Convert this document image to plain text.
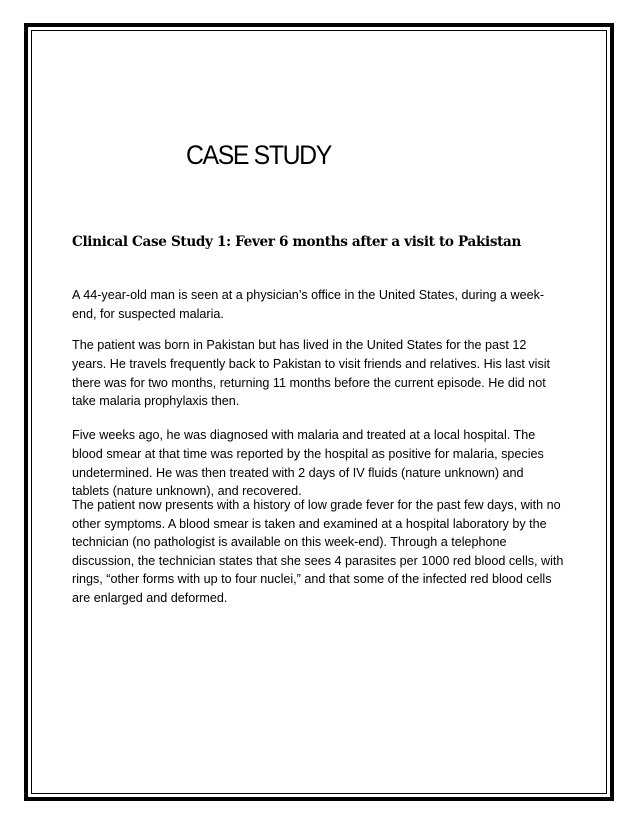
CASE STUDY
Clinical Case Study 1: Fever 6 months after a visit to Pakistan

A 44-year-old man is seen at a physician’s office in the United States, during a week-end, for suspected malaria.

The patient was born in Pakistan but has lived in the United States for the past 12 years. He travels frequently back to Pakistan to visit friends and relatives. His last visit there was for two months, returning 11 months before the current episode. He did not take malaria prophylaxis then.

Five weeks ago, he was diagnosed with malaria and treated at a local hospital. The blood smear at that time was reported by the hospital as positive for malaria, species undetermined. He was then treated with 2 days of IV fluids (nature unknown) and tablets (nature unknown), and recovered.

The patient now presents with a history of low grade fever for the past few days, with no other symptoms. A blood smear is taken and examined at a hospital laboratory by the technician (no pathologist is available on this week-end). Through a telephone discussion, the technician states that she sees 4 parasites per 1000 red blood cells, with rings, “other forms with up to four nuclei,” and that some of the infected red blood cells are enlarged and deformed.
